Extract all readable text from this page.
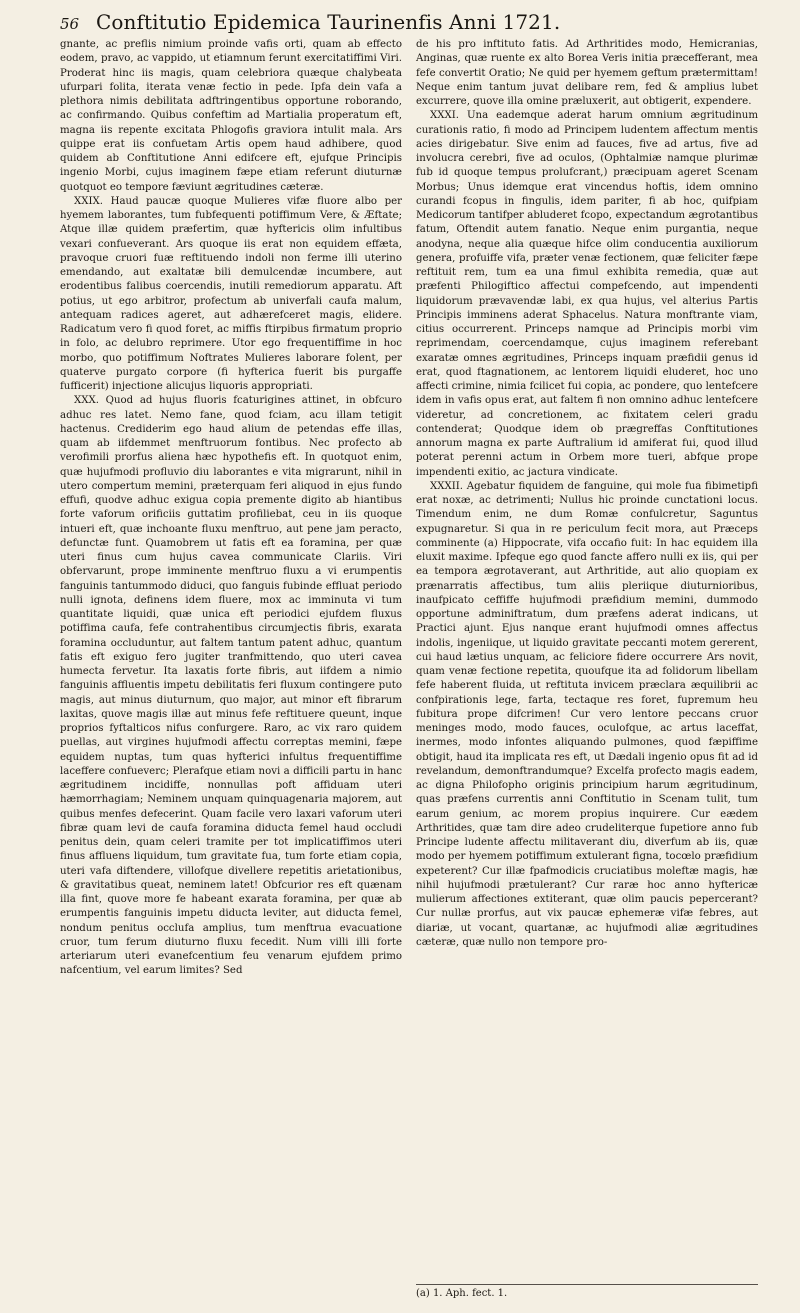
56 Conftitutio Epidemica Taurinenfis Anni 1721.

gnante, ac preflis nimium proinde vafis orti, quam ab effecto eodem, pravo, ac vappido, ut etiamnum ferunt exercitatiffimi Viri. Proderat hinc iis magis, quam celebriora quæque chalybeata ufurpari folita, iterata venæ fectio in pede. Ipfa dein vafa a plethora nimis debilitata adftringentibus opportune roborando, ac confirmando. Quibus confeftim ad Martialia properatum eft, magna iis repente excitata Phlogofis graviora intulit mala. Ars quippe erat iis confuetam Artis opem haud adhibere, quod quidem ab Conftitutione Anni edifcere eft, ejufque Principis ingenio Morbi, cujus imaginem fæpe etiam referunt diuturnæ quotquot eo tempore fæviunt ægritudines cæteræ.

XXIX. Haud paucæ quoque Mulieres vifæ fluore albo per hyemem laborantes, tum fubfequenti potiffimum Vere, & Æftate; Atque illæ quidem præfertim, quæ hyftericis olim infultibus vexari confueverant. Ars quoque iis erat non equidem effæta, pravoque cruori fuæ reftituendo indoli non ferme illi uterino emendando, aut exaltatæ bili demulcendæ incumbere, aut erodentibus falibus coercendis, inutili remediorum apparatu. Aft potius, ut ego arbitror, profectum ab univerfali caufa malum, antequam radices ageret, aut adhærefceret magis, elidere. Radicatum vero fi quod foret, ac miffis ftirpibus firmatum proprio in folo, ac delubro reprimere. Utor ego frequentiffime in hoc morbo, quo potiffimum Noftrates Mulieres laborare folent, per quaterve purgato corpore (fi hyfterica fuerit bis purgaffe fufficerit) injectione alicujus liquoris appropriati.

XXX. Quod ad hujus fluoris fcaturigines attinet, in obfcuro adhuc res latet. Nemo fane, quod fciam, acu illam tetigit hactenus. Crediderim ego haud alium de petendas effe illas, quam ab iifdemmet menftruorum fontibus. Nec profecto ab verofimili prorfus aliena hæc hypothefis eft. In quotquot enim, quæ hujufmodi profluvio diu laborantes e vita migrarunt, nihil in utero compertum memini, præterquam feri aliquod in ejus fundo effufi, quodve adhuc exigua copia premente digito ab hiantibus forte vaforum orificiis guttatim profiliebat, ceu in iis quoque intueri eft, quæ inchoante fluxu menftruo, aut pene jam peracto, defunctæ funt. Quamobrem ut fatis eft ea foramina, per quæ uteri finus cum hujus cavea communicate Clariis. Viri obfervarunt, prope imminente menftruo fluxu a vi erumpentis fanguinis tantummodo diduci, quo fanguis fubinde effluat periodo nulli ignota, definens idem fluere, mox ac imminuta vi tum quantitate liquidi, quæ unica eft periodici ejufdem fluxus potiffima caufa, fefe contrahentibus circumjectis fibris, exarata foramina occluduntur, aut faltem tantum patent adhuc, quantum fatis eft exiguo fero jugiter tranfmittendo, quo uteri cavea humecta fervetur. Ita laxatis forte fibris, aut iifdem a nimio fanguinis affluentis impetu debilitatis feri fluxum contingere puto magis, aut minus diuturnum, quo major, aut minor eft fibrarum laxitas, quove magis illæ aut minus fefe reftituere queunt, inque proprios fyftalticos nifus confurgere. Raro, ac vix raro quidem puellas, aut virgines hujufmodi affectu correptas memini, fæpe equidem nuptas, tum quas hyfterici infultus frequentiffime laceffere confueverc; Plerafque etiam novi a difficili partu in hanc ægritudinem incidiffe, nonnullas poft affiduam uteri hæmorrhagiam; Neminem unquam quinquagenaria majorem, aut quibus menfes defecerint. Quam facile vero laxari vaforum uteri fibræ quam levi de caufa foramina diducta femel haud occludi penitus dein, quam celeri tramite per tot implicatiffimos uteri finus affluens liquidum, tum gravitate fua, tum forte etiam copia, uteri vafa diftendere, villofque divellere repetitis arietationibus, & gravitatibus queat, neminem latet! Obfcurior res eft quænam illa fint, quove more fe habeant exarata foramina, per quæ ab erumpentis fanguinis impetu diducta leviter, aut diducta femel, nondum penitus occlufa amplius, tum menftrua evacuatione cruor, tum ferum diuturno fluxu fecedit. Num villi illi forte arteriarum uteri evanefcentium feu venarum ejufdem primo nafcentium, vel earum limites? Sed

de his pro inftituto fatis. Ad Arthritides modo, Hemicranias, Anginas, quæ ruente ex alto Borea Veris initia præcefferant, mea fefe convertit Oratio; Ne quid per hyemem geftum prætermittam! Neque enim tantum juvat delibare rem, fed & amplius lubet excurrere, quove illa omine præluxerit, aut obtigerit, expendere.

XXXI. Una eademque aderat harum omnium ægritudinum curationis ratio, fi modo ad Principem ludentem affectum mentis acies dirigebatur. Sive enim ad fauces, five ad artus, five ad involucra cerebri, five ad oculos, (Ophtalmiæ namque plurimæ fub id quoque tempus prolufcrant,) præcipuam ageret Scenam Morbus; Unus idemque erat vincendus hoftis, idem omnino curandi fcopus in fingulis, idem pariter, fi ab hoc, quifpiam Medicorum tantifper abluderet fcopo, expectandum ægrotantibus fatum, Oftendit autem fanatio. Neque enim purgantia, neque anodyna, neque alia quæque hifce olim conducentia auxiliorum genera, profuiffe vifa, præter venæ fectionem, quæ feliciter fæpe reftituit rem, tum ea una fimul exhibita remedia, quæ aut præfenti Philogiftico affectui compefcendo, aut impendenti liquidorum prævavendæ labi, ex qua hujus, vel alterius Partis Principis imminens aderat Sphacelus. Natura monftrante viam, citius occurrerent. Princeps namque ad Principis morbi vim reprimendam, coercendamque, cujus imaginem referebant exaratæ omnes ægritudines, Princeps inquam præfidii genus id erat, quod ftagnationem, ac lentorem liquidi eluderet, hoc uno affecti crimine, nimia fcilicet fui copia, ac pondere, quo lentefcere idem in vafis opus erat, aut faltem fi non omnino adhuc lentefcere videretur, ad concretionem, ac fixitatem celeri gradu contenderat; Quodque idem ob prægreffas Conftitutiones annorum magna ex parte Auftralium id amiferat fui, quod illud poterat perenni actum in Orbem more tueri, abfque prope impendenti exitio, ac jactura vindicate.

XXXII. Agebatur fiquidem de fanguine, qui mole fua fibimetipfi erat noxæ, ac detrimenti; Nullus hic proinde cunctationi locus. Timendum enim, ne dum Romæ confulcretur, Saguntus expugnaretur. Si qua in re periculum fecit mora, aut Præceps comminente (a) Hippocrate, vifa occafio fuit: In hac equidem illa eluxit maxime. Ipfeque ego quod fancte affero nulli ex iis, qui per ea tempora ægrotaverant, aut Arthritide, aut alio quopiam ex prænarratis affectibus, tum aliis pleriique diuturnioribus, inaufpicato ceffiffe hujufmodi præfidium memini, dummodo opportune adminiftratum, dum præfens aderat indicans, ut Practici ajunt. Ejus nanque erant hujufmodi omnes affectus indolis, ingeniique, ut liquido gravitate peccanti motem gererent, cui haud lætius unquam, ac feliciore fidere occurrere Ars novit, quam venæ fectione repetita, quoufque ita ad folidorum libellam fefe haberent fluida, ut reftituta invicem præclara æquilibrii ac confpirationis lege, farta, tectaque res foret, fupremum heu fubitura prope difcrimen! Cur vero lentore peccans cruor meninges modo, modo fauces, oculofque, ac artus laceffat, inermes, modo infontes aliquando pulmones, quod fæpiffime obtigit, haud ita implicata res eft, ut Dædali ingenio opus fit ad id revelandum, demonftrandumque? Excelfa profecto magis eadem, ac digna Philofopho originis principium harum ægritudinum, quas præfens currentis anni Conftitutio in Scenam tulit, tum earum genium, ac morem propius inquirere. Cur eædem Arthritides, quæ tam dire adeo crudeliterque fupetiore anno fub Principe ludente affectu militaverant diu, diverfum ab iis, quæ modo per hyemem potiffimum extulerant figna, tocœlo præfidium expeterent? Cur illæ fpafmodicis cruciatibus moleftæ magis, hæ nihil hujufmodi prætulerant? Cur raræ hoc anno hyftericæ mulierum affectiones extiterant, quæ olim paucis pepercerant? Cur nullæ prorfus, aut vix paucæ ephemeræ vifæ febres, aut diariæ, ut vocant, quartanæ, ac hujufmodi aliæ ægritudines cæteræ, quæ nullo non tempore pro-

(a) 1. Aph. fect. 1.
